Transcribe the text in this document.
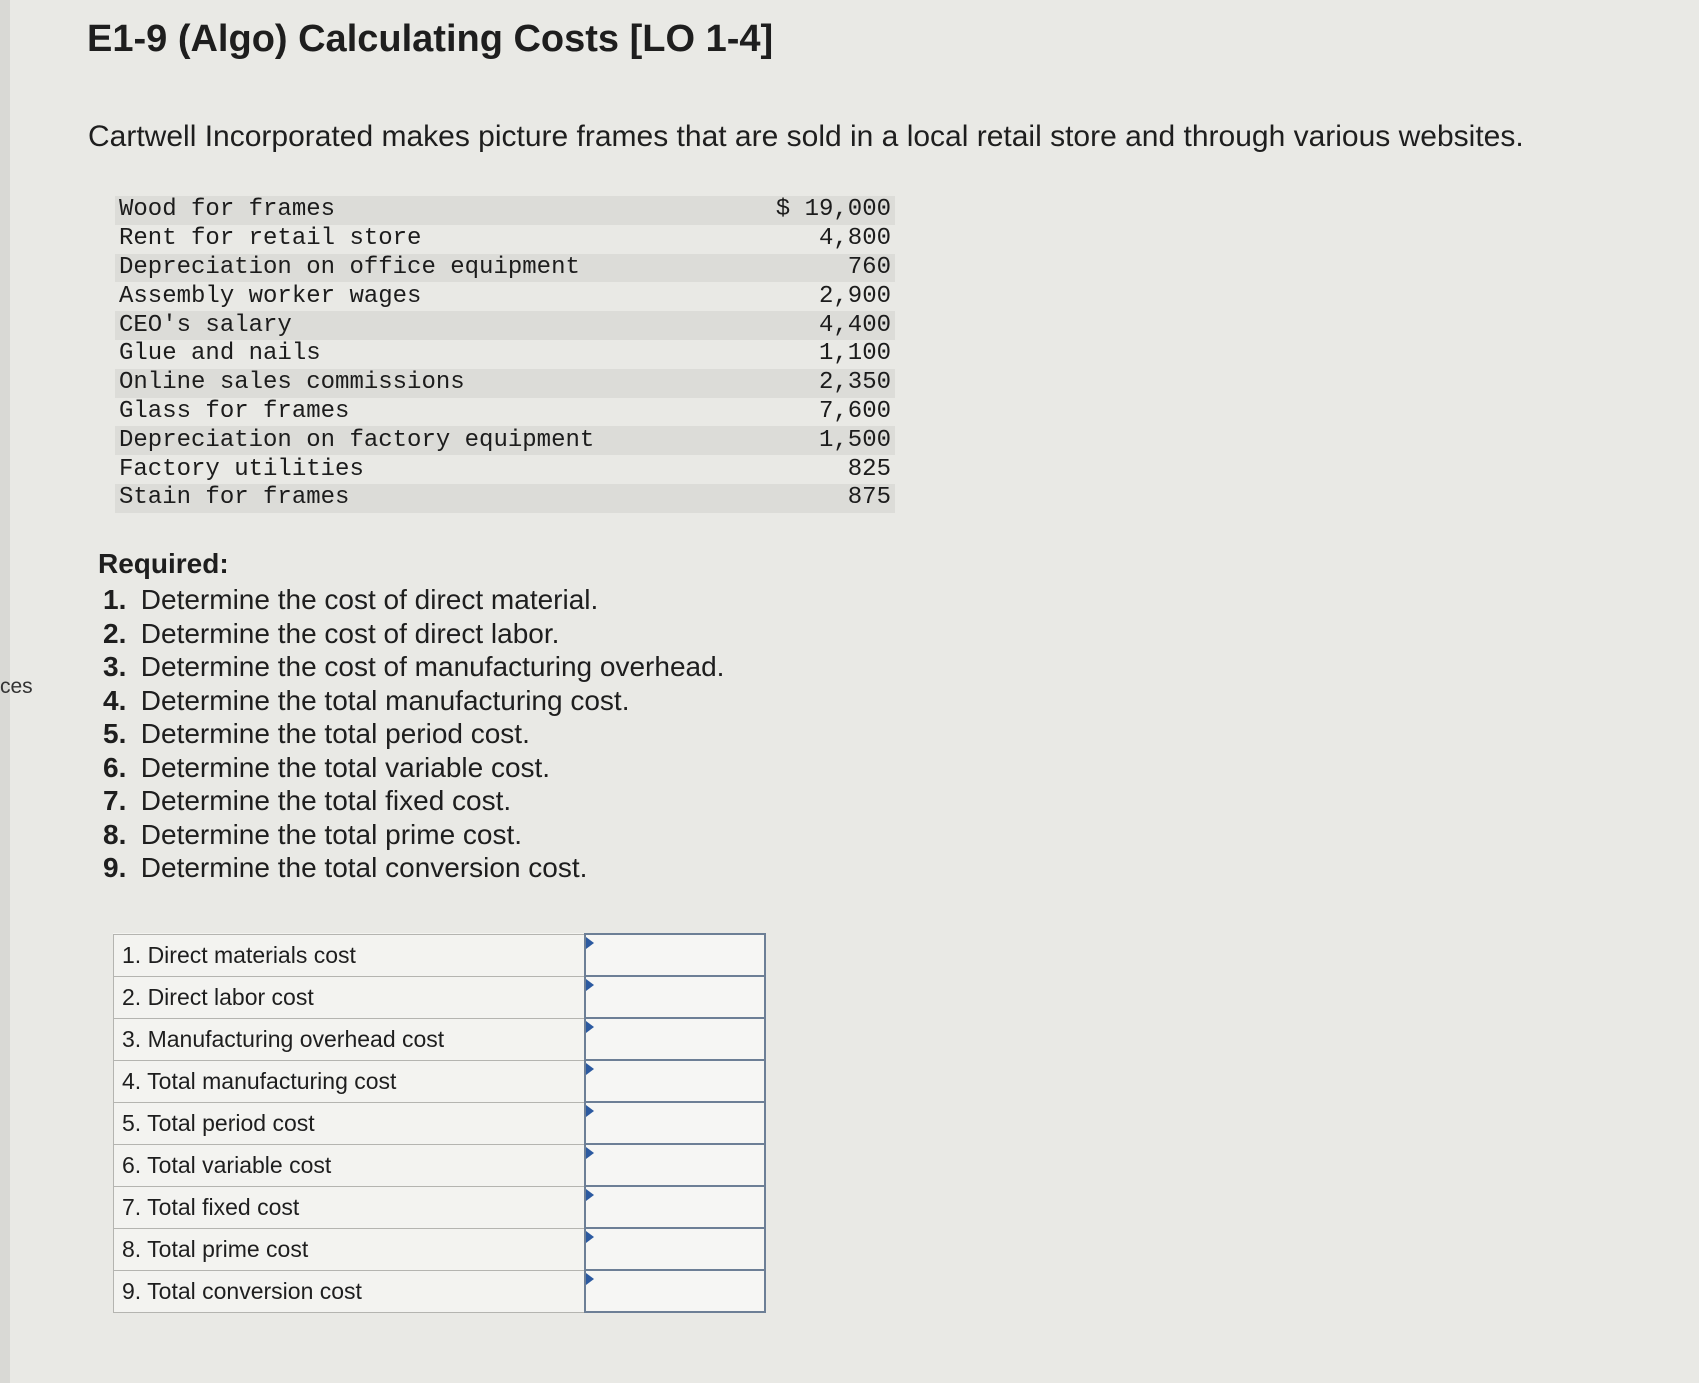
ces
E1-9 (Algo) Calculating Costs [LO 1-4]
Cartwell Incorporated makes picture frames that are sold in a local retail store and through various websites.
Wood for frames	$ 19,000
Rent for retail store	4,800
Depreciation on office equipment	760
Assembly worker wages	2,900
CEO's salary	4,400
Glue and nails	1,100
Online sales commissions	2,350
Glass for frames	7,600
Depreciation on factory equipment	1,500
Factory utilities	825
Stain for frames	875
Required:
1. Determine the cost of direct material.
2. Determine the cost of direct labor.
3. Determine the cost of manufacturing overhead.
4. Determine the total manufacturing cost.
5. Determine the total period cost.
6. Determine the total variable cost.
7. Determine the total fixed cost.
8. Determine the total prime cost.
9. Determine the total conversion cost.
1. Direct materials cost	

2. Direct labor cost	

3. Manufacturing overhead cost	

4. Total manufacturing cost	

5. Total period cost	

6. Total variable cost	

7. Total fixed cost	

8. Total prime cost	

9. Total conversion cost	
